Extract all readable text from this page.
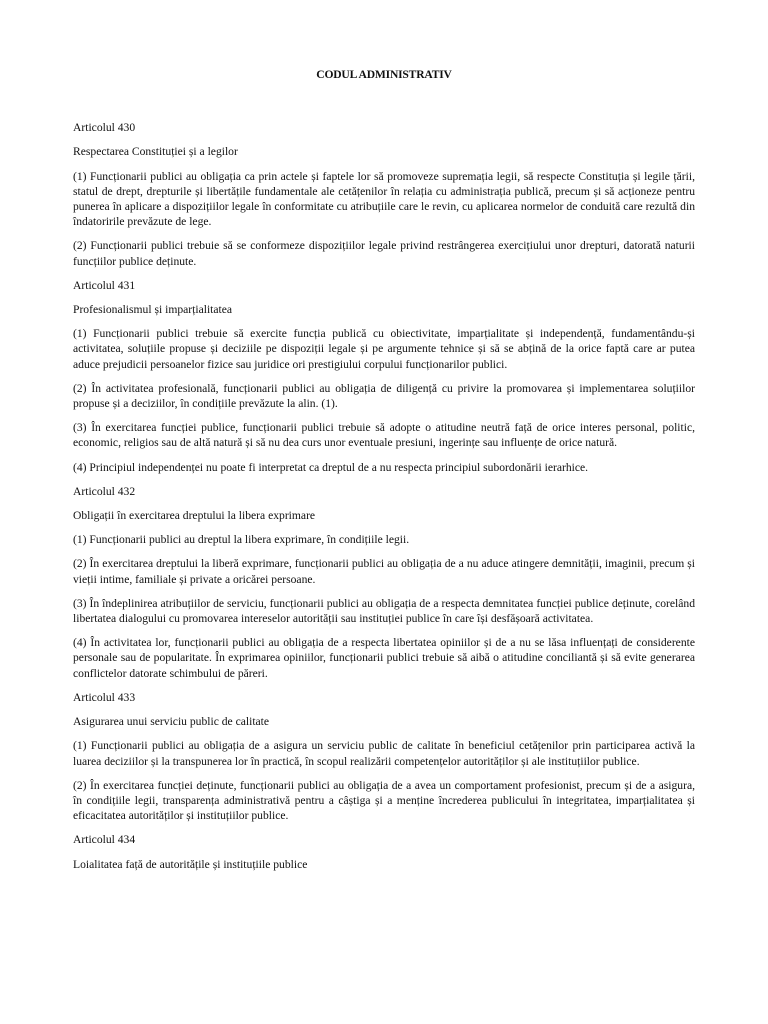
CODUL ADMINISTRATIV
Articolul 430
Respectarea Constituției și a legilor
(1) Funcționarii publici au obligația ca prin actele și faptele lor să promoveze supremația legii, să respecte Constituția și legile țării, statul de drept, drepturile și libertățile fundamentale ale cetățenilor în relația cu administrația publică, precum și să acționeze pentru punerea în aplicare a dispozițiilor legale în conformitate cu atribuțiile care le revin, cu aplicarea normelor de conduită care rezultă din îndatoririle prevăzute de lege.
(2) Funcționarii publici trebuie să se conformeze dispozițiilor legale privind restrângerea exercițiului unor drepturi, datorată naturii funcțiilor publice deținute.
Articolul 431
Profesionalismul și imparțialitatea
(1) Funcționarii publici trebuie să exercite funcția publică cu obiectivitate, imparțialitate și independență, fundamentându-și activitatea, soluțiile propuse și deciziile pe dispoziții legale și pe argumente tehnice și să se abțină de la orice faptă care ar putea aduce prejudicii persoanelor fizice sau juridice ori prestigiului corpului funcționarilor publici.
(2) În activitatea profesională, funcționarii publici au obligația de diligență cu privire la promovarea și implementarea soluțiilor propuse și a deciziilor, în condițiile prevăzute la alin. (1).
(3) În exercitarea funcției publice, funcționarii publici trebuie să adopte o atitudine neutră față de orice interes personal, politic, economic, religios sau de altă natură și să nu dea curs unor eventuale presiuni, ingerințe sau influențe de orice natură.
(4) Principiul independenței nu poate fi interpretat ca dreptul de a nu respecta principiul subordonării ierarhice.
Articolul 432
Obligații în exercitarea dreptului la libera exprimare
(1) Funcționarii publici au dreptul la libera exprimare, în condițiile legii.
(2) În exercitarea dreptului la liberă exprimare, funcționarii publici au obligația de a nu aduce atingere demnității, imaginii, precum și vieții intime, familiale și private a oricărei persoane.
(3) În îndeplinirea atribuțiilor de serviciu, funcționarii publici au obligația de a respecta demnitatea funcției publice deținute, corelând libertatea dialogului cu promovarea intereselor autorității sau instituției publice în care își desfășoară activitatea.
(4) În activitatea lor, funcționarii publici au obligația de a respecta libertatea opiniilor și de a nu se lăsa influențați de considerente personale sau de popularitate. În exprimarea opiniilor, funcționarii publici trebuie să aibă o atitudine conciliantă și să evite generarea conflictelor datorate schimbului de păreri.
Articolul 433
Asigurarea unui serviciu public de calitate
(1) Funcționarii publici au obligația de a asigura un serviciu public de calitate în beneficiul cetățenilor prin participarea activă la luarea deciziilor și la transpunerea lor în practică, în scopul realizării competențelor autorităților și ale instituțiilor publice.
(2) În exercitarea funcției deținute, funcționarii publici au obligația de a avea un comportament profesionist, precum și de a asigura, în condițiile legii, transparența administrativă pentru a câștiga și a menține încrederea publicului în integritatea, imparțialitatea și eficacitatea autorităților și instituțiilor publice.
Articolul 434
Loialitatea față de autoritățile și instituțiile publice
